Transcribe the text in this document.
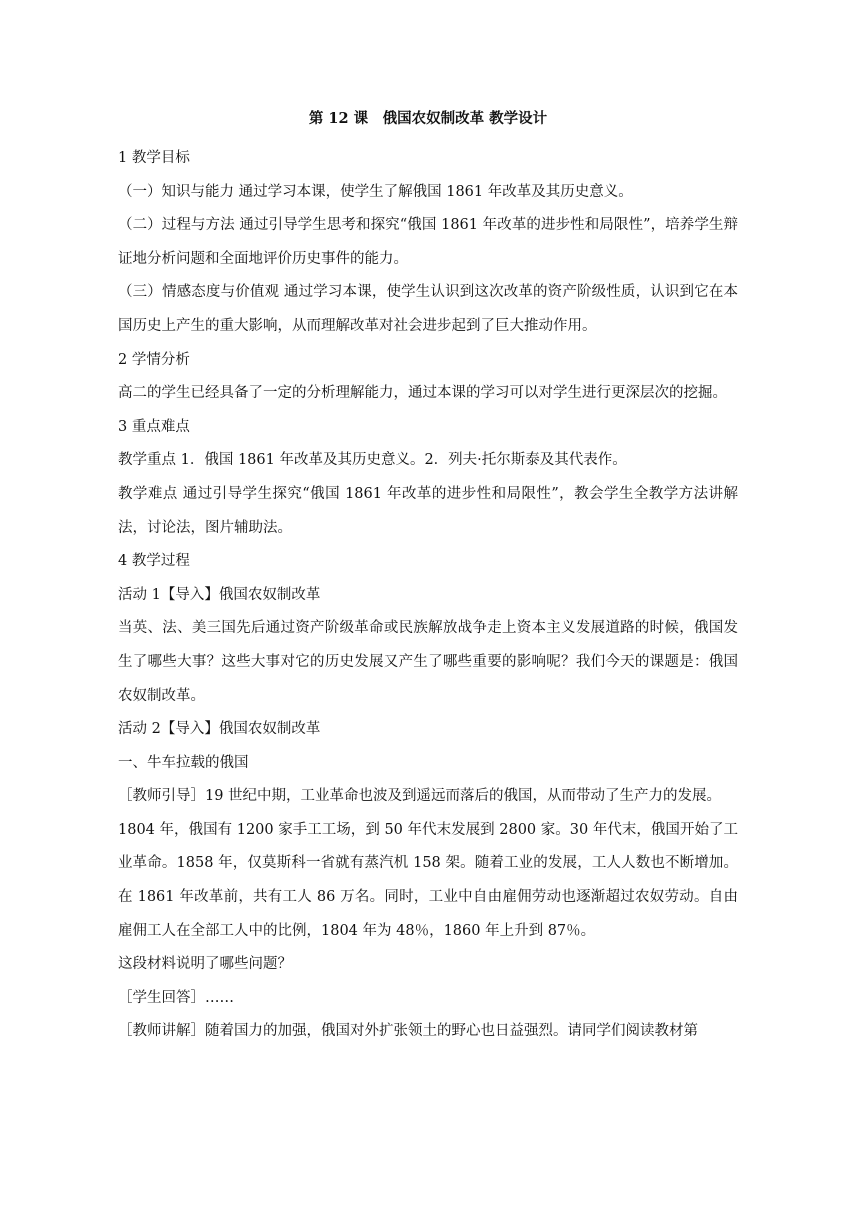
第 12 课　俄国农奴制改革 教学设计
1 教学目标
（一）知识与能力 通过学习本课，使学生了解俄国 1861 年改革及其历史意义。
（二）过程与方法 通过引导学生思考和探究“俄国 1861 年改革的进步性和局限性”，培养学生辩证地分析问题和全面地评价历史事件的能力。
（三）情感态度与价值观 通过学习本课，使学生认识到这次改革的资产阶级性质，认识到它在本国历史上产生的重大影响，从而理解改革对社会进步起到了巨大推动作用。
2 学情分析
高二的学生已经具备了一定的分析理解能力，通过本课的学习可以对学生进行更深层次的挖掘。
3 重点难点
教学重点 1．俄国 1861 年改革及其历史意义。2．列夫·托尔斯泰及其代表作。
教学难点 通过引导学生探究“俄国 1861 年改革的进步性和局限性”，教会学生全教学方法讲解法，讨论法，图片辅助法。
4 教学过程
活动 1【导入】俄国农奴制改革
当英、法、美三国先后通过资产阶级革命或民族解放战争走上资本主义发展道路的时候，俄国发生了哪些大事？这些大事对它的历史发展又产生了哪些重要的影响呢？我们今天的课题是：俄国农奴制改革。
活动 2【导入】俄国农奴制改革
一、牛车拉载的俄国
［教师引导］19 世纪中期，工业革命也波及到遥远而落后的俄国，从而带动了生产力的发展。
1804 年，俄国有 1200 家手工工场，到 50 年代末发展到 2800 家。30 年代末，俄国开始了工业革命。1858 年，仅莫斯科一省就有蒸汽机 158 架。随着工业的发展，工人人数也不断增加。在 1861 年改革前，共有工人 86 万名。同时，工业中自由雇佣劳动也逐渐超过农奴劳动。自由雇佣工人在全部工人中的比例，1804 年为 48％，1860 年上升到 87％。
这段材料说明了哪些问题？
［学生回答］……
［教师讲解］随着国力的加强，俄国对外扩张领土的野心也日益强烈。请同学们阅读教材第
